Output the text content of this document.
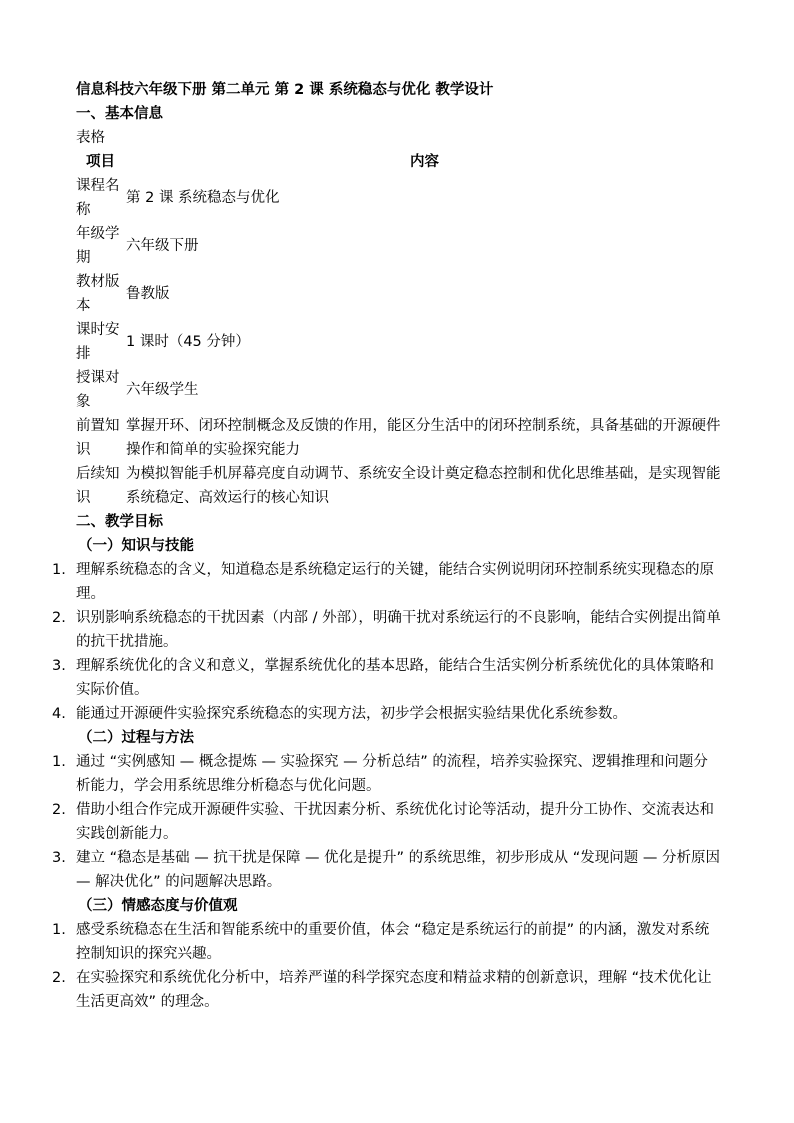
信息科技六年级下册 第二单元 第 2 课 系统稳态与优化 教学设计
一、基本信息
表格
项目	内容
课程名称
第 2 课 系统稳态与优化
年级学期
六年级下册
教材版本
鲁教版
课时安排
1 课时（45 分钟）
授课对象
六年级学生
前置知识
掌握开环、闭环控制概念及反馈的作用，能区分生活中的闭环控制系统，具备基础的开源硬件操作和简单的实验探究能力
后续知识
为模拟智能手机屏幕亮度自动调节、系统安全设计奠定稳态控制和优化思维基础，是实现智能系统稳定、高效运行的核心知识
二、教学目标
（一）知识与技能
1. 理解系统稳态的含义，知道稳态是系统稳定运行的关键，能结合实例说明闭环控制系统实现稳态的原理。
2. 识别影响系统稳态的干扰因素（内部 / 外部），明确干扰对系统运行的不良影响，能结合实例提出简单的抗干扰措施。
3. 理解系统优化的含义和意义，掌握系统优化的基本思路，能结合生活实例分析系统优化的具体策略和实际价值。
4. 能通过开源硬件实验探究系统稳态的实现方法，初步学会根据实验结果优化系统参数。
（二）过程与方法
1. 通过 “实例感知 — 概念提炼 — 实验探究 — 分析总结” 的流程，培养实验探究、逻辑推理和问题分析能力，学会用系统思维分析稳态与优化问题。
2. 借助小组合作完成开源硬件实验、干扰因素分析、系统优化讨论等活动，提升分工协作、交流表达和实践创新能力。
3. 建立 “稳态是基础 — 抗干扰是保障 — 优化是提升” 的系统思维，初步形成从 “发现问题 — 分析原因 — 解决优化” 的问题解决思路。
（三）情感态度与价值观
1. 感受系统稳态在生活和智能系统中的重要价值，体会 “稳定是系统运行的前提” 的内涵，激发对系统控制知识的探究兴趣。
2. 在实验探究和系统优化分析中，培养严谨的科学探究态度和精益求精的创新意识，理解 “技术优化让生活更高效” 的理念。
